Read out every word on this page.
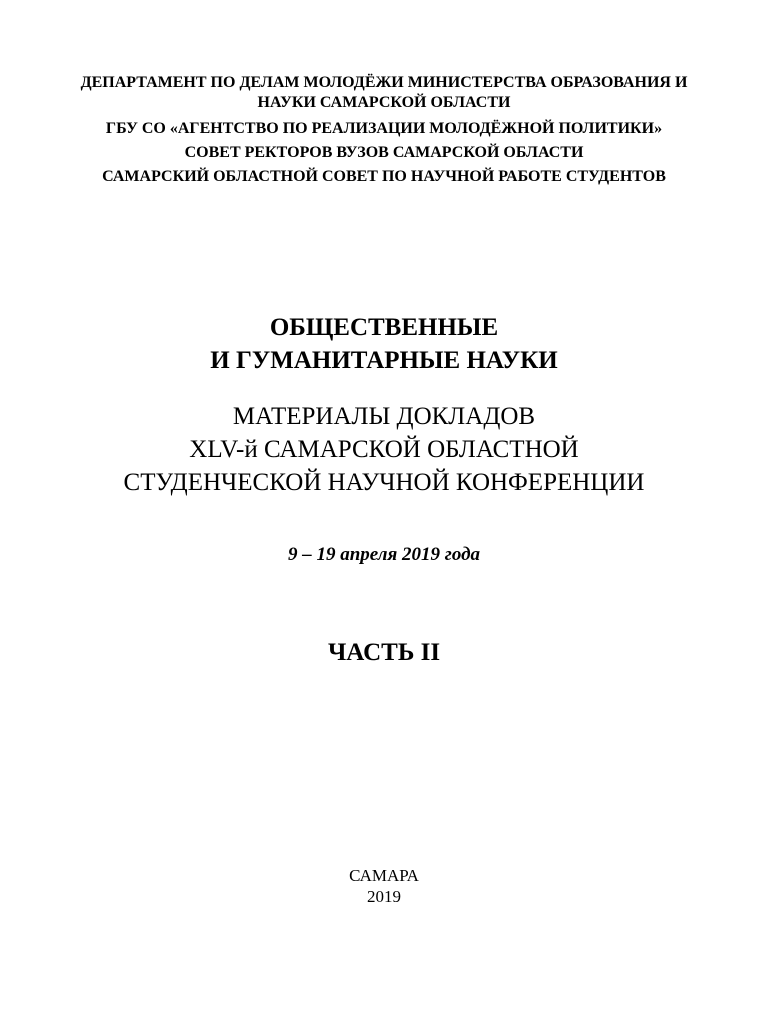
ДЕПАРТАМЕНТ ПО ДЕЛАМ МОЛОДЁЖИ МИНИСТЕРСТВА ОБРАЗОВАНИЯ И
НАУКИ САМАРСКОЙ ОБЛАСТИ
ГБУ СО «АГЕНТСТВО ПО РЕАЛИЗАЦИИ МОЛОДЁЖНОЙ ПОЛИТИКИ»
СОВЕТ РЕКТОРОВ ВУЗОВ САМАРСКОЙ ОБЛАСТИ
САМАРСКИЙ ОБЛАСТНОЙ СОВЕТ ПО НАУЧНОЙ РАБОТЕ СТУДЕНТОВ
ОБЩЕСТВЕННЫЕ
И ГУМАНИТАРНЫЕ НАУКИ
МАТЕРИАЛЫ ДОКЛАДОВ
XLV-й САМАРСКОЙ ОБЛАСТНОЙ
СТУДЕНЧЕСКОЙ НАУЧНОЙ КОНФЕРЕНЦИИ
9 – 19 апреля 2019 года
ЧАСТЬ II
САМАРА
2019
